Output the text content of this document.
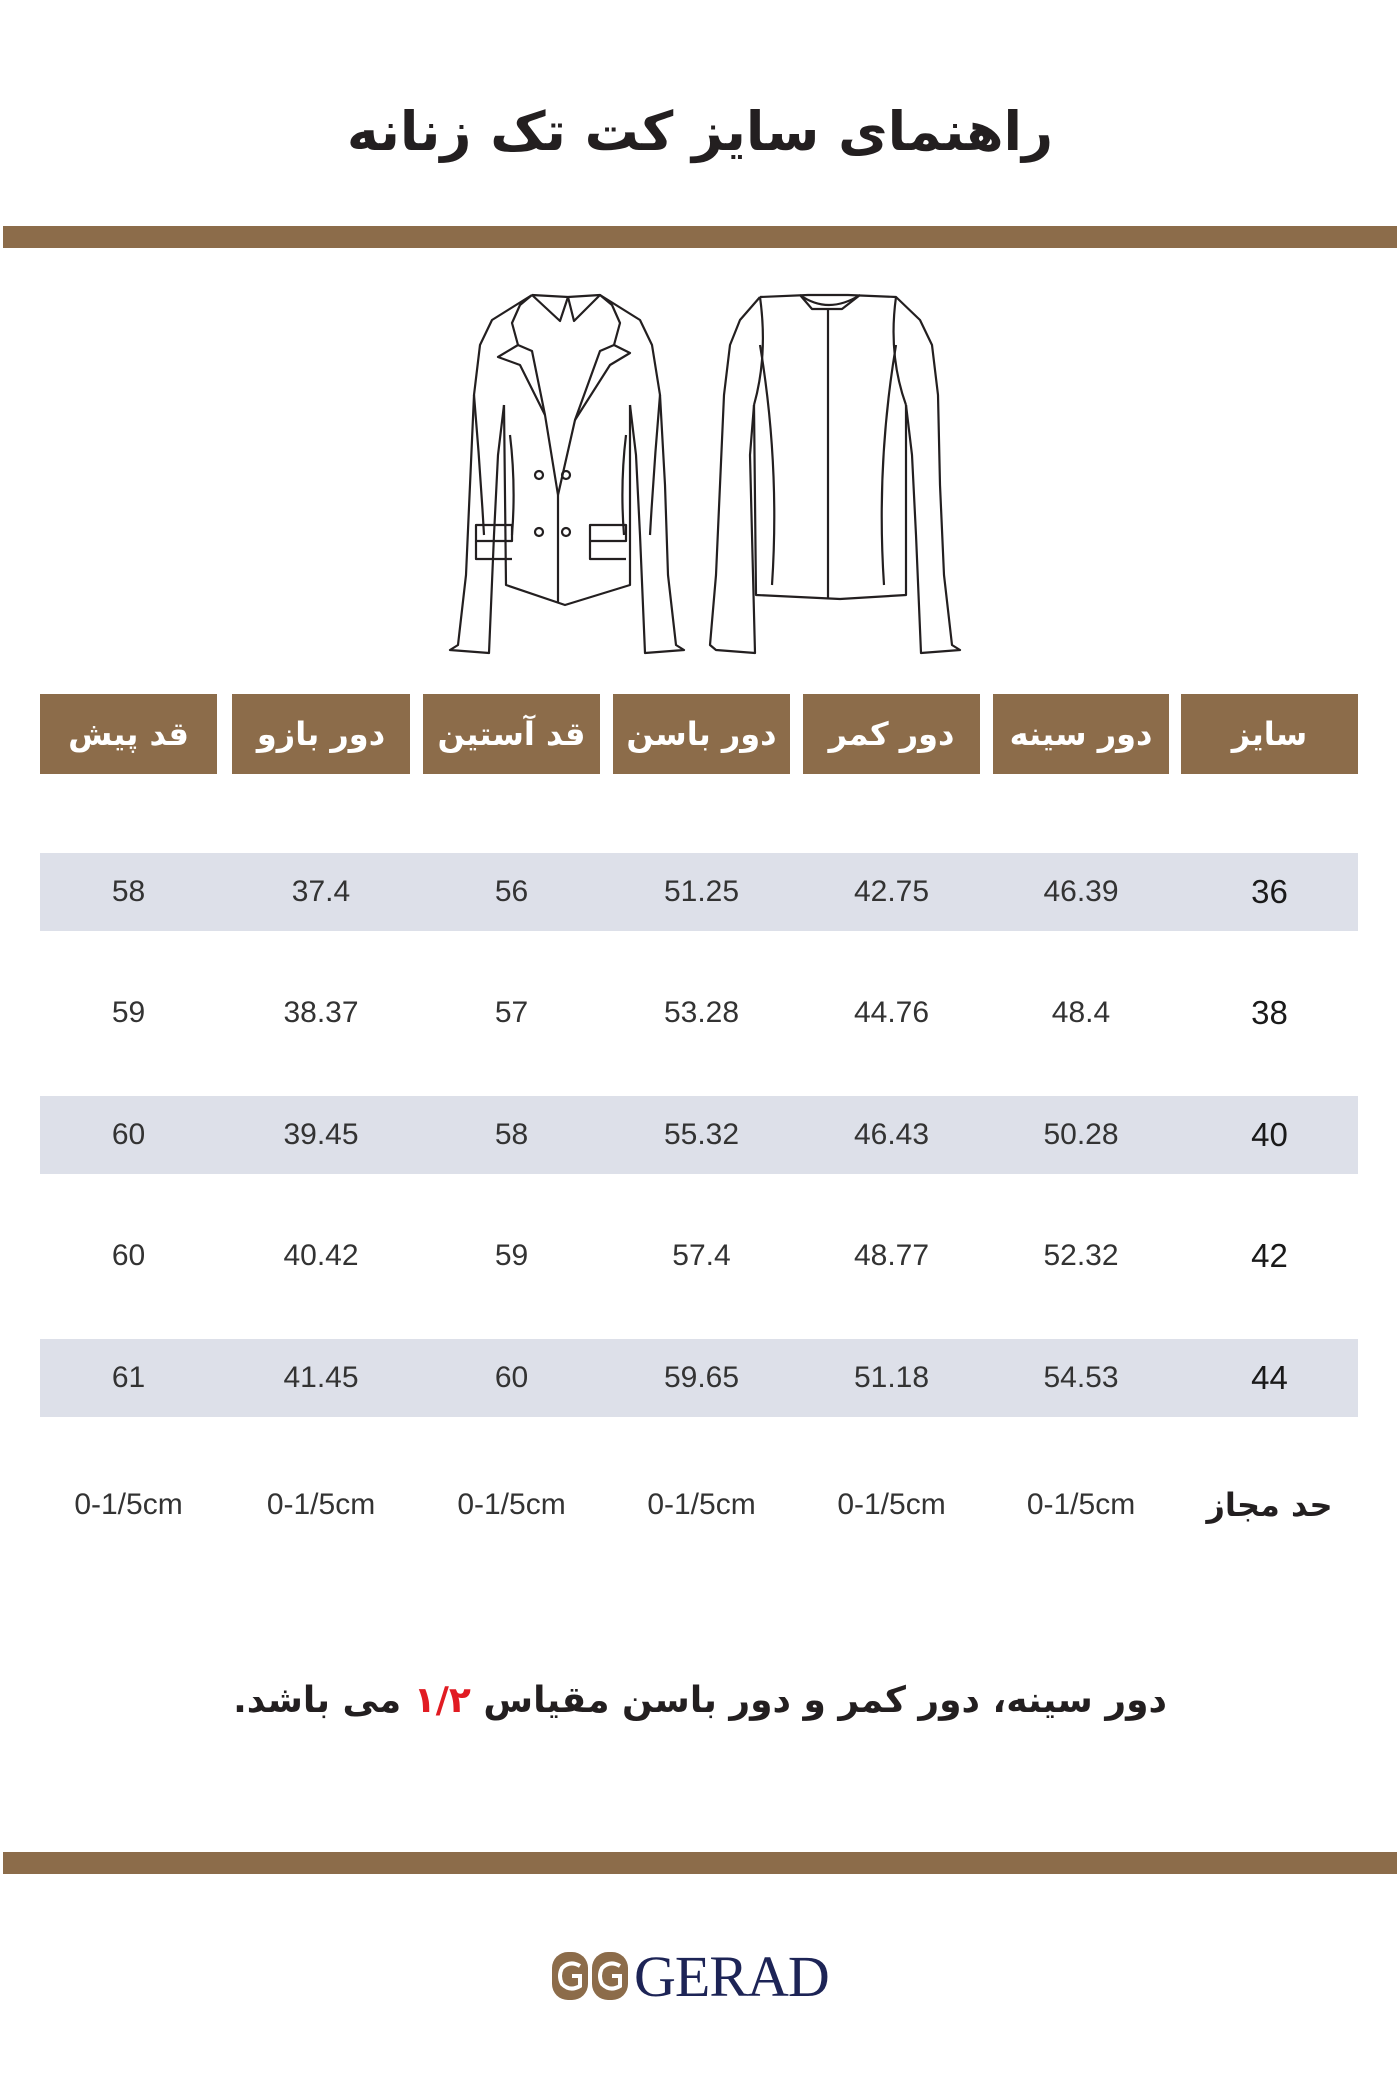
راهنمای سایز کت تک زنانه
سایز
دور سینه
دور کمر
دور باسن
قد آستین
دور بازو
قد پیش
36
46.39
42.75
51.25
56
37.4
58
38
48.4
44.76
53.28
57
38.37
59
40
50.28
46.43
55.32
58
39.45
60
42
52.32
48.77
57.4
59
40.42
60
44
54.53
51.18
59.65
60
41.45
61
حد مجاز
0-1/5cm
0-1/5cm
0-1/5cm
0-1/5cm
0-1/5cm
0-1/5cm
دور سینه، دور کمر و دور باسن مقیاس ۱/۲ می باشد.
GERAD
